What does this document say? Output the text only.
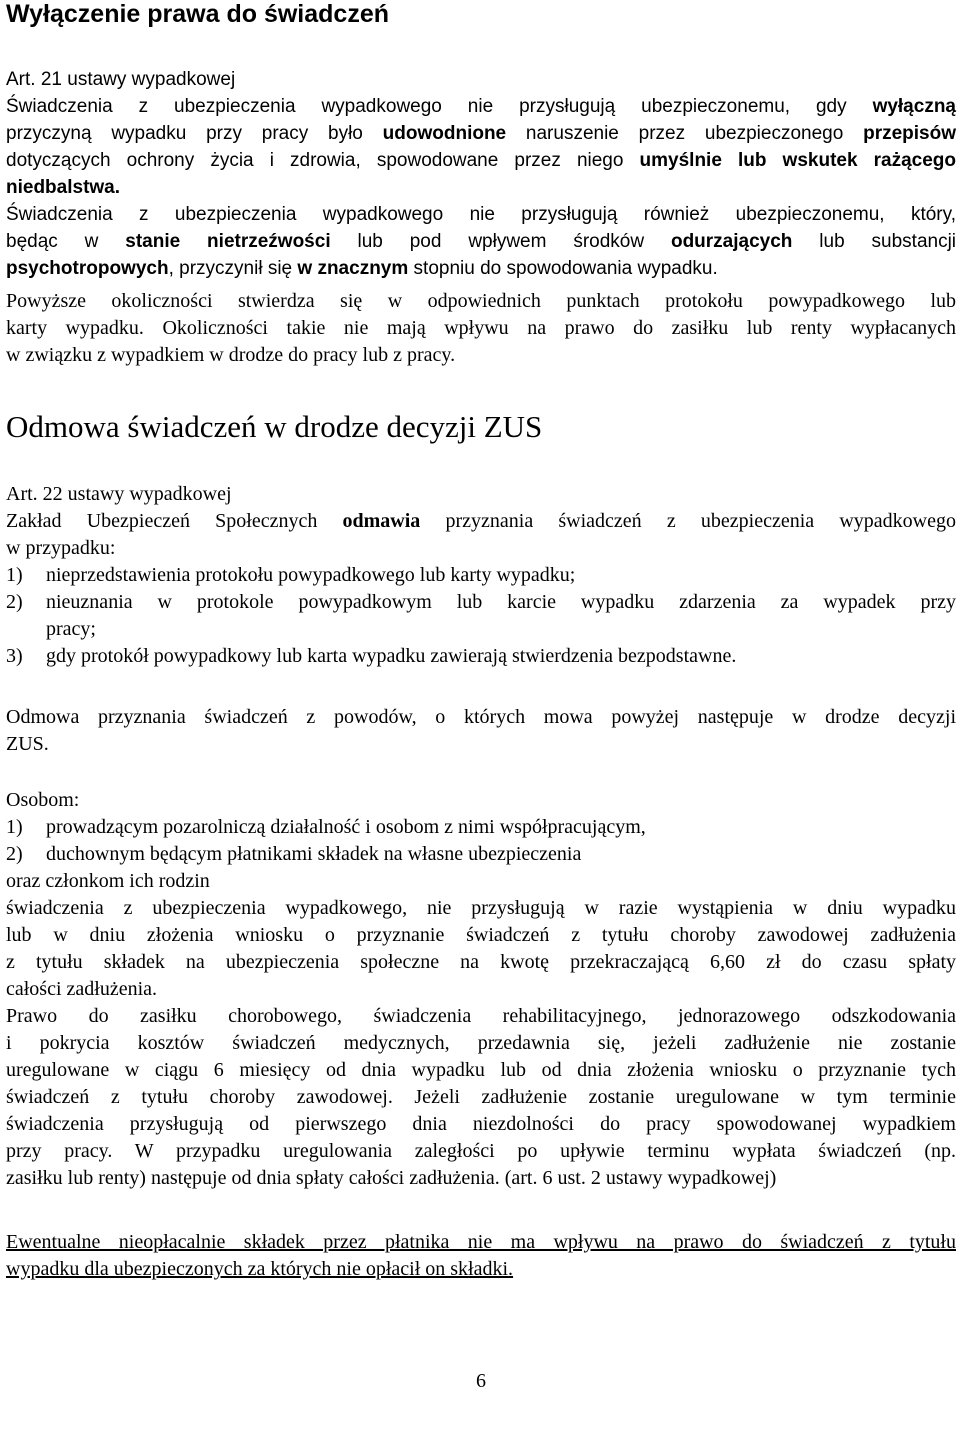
Wyłączenie prawa do świadczeń
Art. 21 ustawy wypadkowej
Świadczenia z ubezpieczenia wypadkowego nie przysługują ubezpieczonemu, gdy wyłączną
przyczyną wypadku przy pracy było udowodnione naruszenie przez ubezpieczonego przepisów
dotyczących ochrony życia i zdrowia, spowodowane przez niego umyślnie lub wskutek rażącego
niedbalstwa.
Świadczenia z ubezpieczenia wypadkowego nie przysługują również ubezpieczonemu, który,
będąc w stanie nietrzeźwości lub pod wpływem środków odurzających lub substancji
psychotropowych, przyczynił się w znacznym stopniu do spowodowania wypadku.
Powyższe okoliczności stwierdza się w odpowiednich punktach protokołu powypadkowego lub
karty wypadku. Okoliczności takie nie mają wpływu na prawo do zasiłku lub renty wypłacanych
w związku z wypadkiem w drodze do pracy lub z pracy.
Odmowa świadczeń w drodze decyzji ZUS
Art. 22 ustawy wypadkowej
Zakład Ubezpieczeń Społecznych odmawia przyznania świadczeń z ubezpieczenia wypadkowego
w przypadku:
1) nieprzedstawienia protokołu powypadkowego lub karty wypadku;
2) nieuznania w protokole powypadkowym lub karcie wypadku zdarzenia za wypadek przy
pracy;
3) gdy protokół powypadkowy lub karta wypadku zawierają stwierdzenia bezpodstawne.
Odmowa przyznania świadczeń z powodów, o których mowa powyżej następuje w drodze decyzji
ZUS.
Osobom:
1) prowadzącym pozarolniczą działalność i osobom z nimi współpracującym,
2) duchownym będącym płatnikami składek na własne ubezpieczenia
oraz członkom ich rodzin
świadczenia z ubezpieczenia wypadkowego, nie przysługują w razie wystąpienia w dniu wypadku
lub w dniu złożenia wniosku o przyznanie świadczeń z tytułu choroby zawodowej zadłużenia
z tytułu składek na ubezpieczenia społeczne na kwotę przekraczającą 6,60 zł do czasu spłaty
całości zadłużenia.
Prawo do zasiłku chorobowego, świadczenia rehabilitacyjnego, jednorazowego odszkodowania
i pokrycia kosztów świadczeń medycznych, przedawnia się, jeżeli zadłużenie nie zostanie
uregulowane w ciągu 6 miesięcy od dnia wypadku lub od dnia złożenia wniosku o przyznanie tych
świadczeń z tytułu choroby zawodowej. Jeżeli zadłużenie zostanie uregulowane w tym terminie
świadczenia przysługują od pierwszego dnia niezdolności do pracy spowodowanej wypadkiem
przy pracy. W przypadku uregulowania zaległości po upływie terminu wypłata świadczeń (np.
zasiłku lub renty) następuje od dnia spłaty całości zadłużenia. (art. 6 ust. 2 ustawy wypadkowej)
Ewentualne nieopłacalnie składek przez płatnika nie ma wpływu na prawo do świadczeń z tytułu
wypadku dla ubezpieczonych za których nie opłacił on składki.
6
